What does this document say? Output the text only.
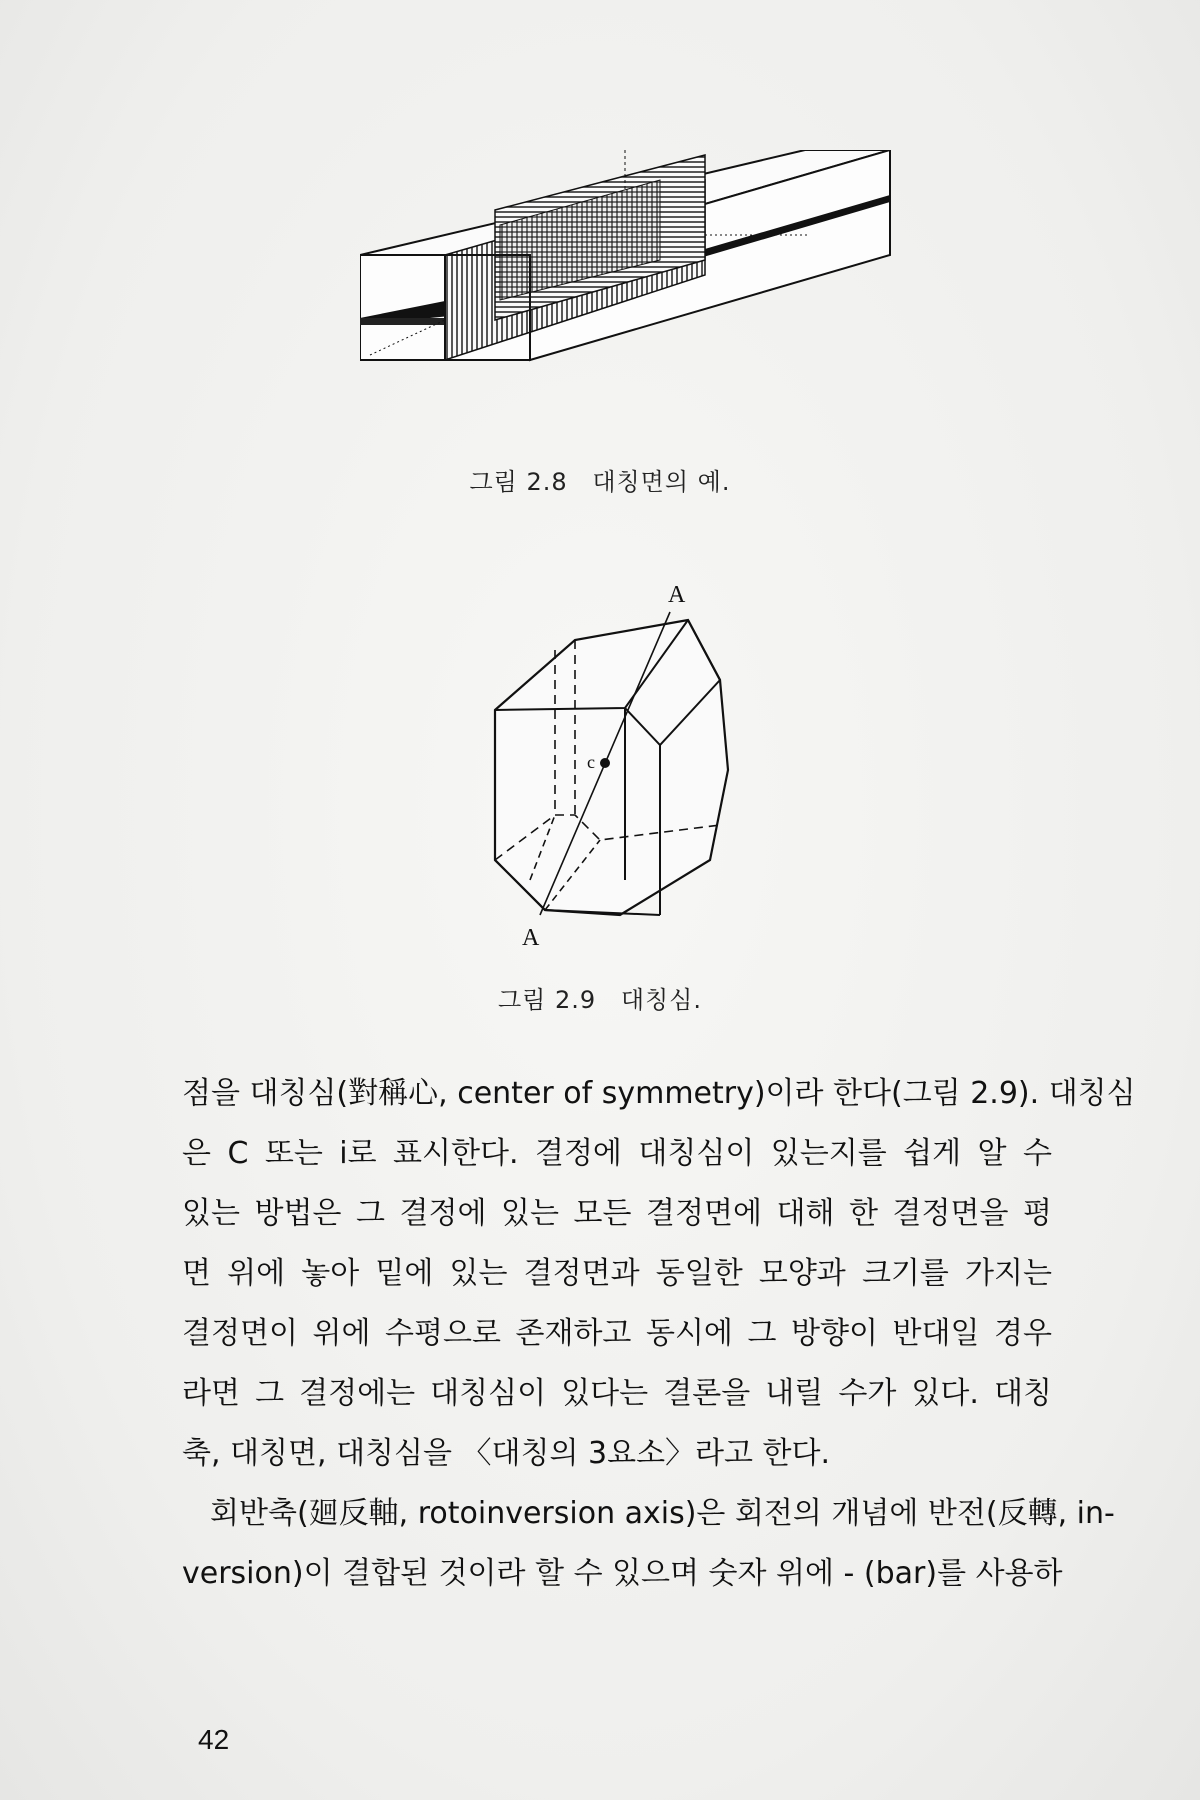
그림 2.8 대칭면의 예.
A
A
c
그림 2.9 대칭심.
점을 대칭심(對稱心, center of symmetry)이라 한다(그림 2.9). 대칭심
은 C 또는 i로 표시한다. 결정에 대칭심이 있는지를 쉽게 알 수
있는 방법은 그 결정에 있는 모든 결정면에 대해 한 결정면을 평
면 위에 놓아 밑에 있는 결정면과 동일한 모양과 크기를 가지는
결정면이 위에 수평으로 존재하고 동시에 그 방향이 반대일 경우
라면 그 결정에는 대칭심이 있다는 결론을 내릴 수가 있다. 대칭
축, 대칭면, 대칭심을 〈대칭의 3요소〉라고 한다.
회반축(廻反軸, rotoinversion axis)은 회전의 개념에 반전(反轉, in-
version)이 결합된 것이라 할 수 있으며 숫자 위에 - (bar)를 사용하
42
